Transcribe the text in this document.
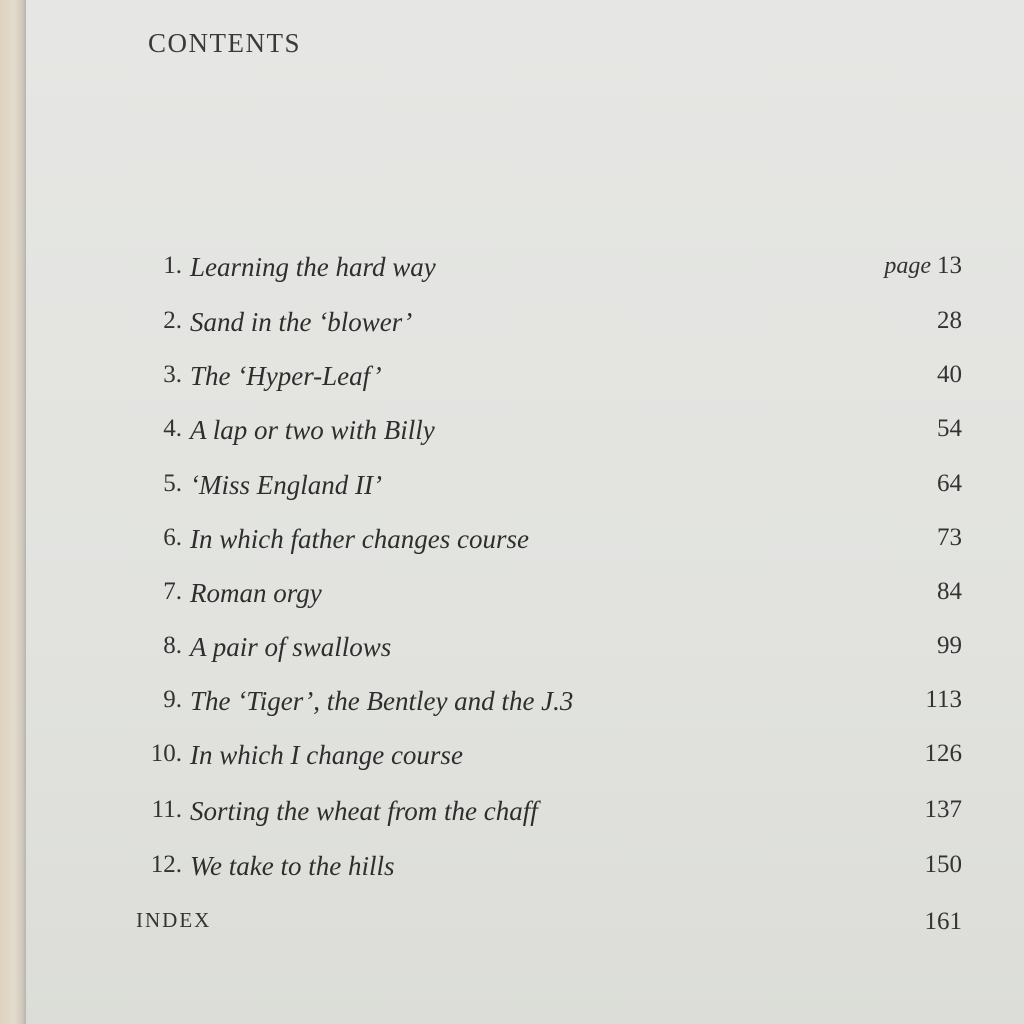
CONTENTS
1. Learning the hard way	page 13
2. Sand in the ‘blower’	28
3. The ‘Hyper-Leaf’	40
4. A lap or two with Billy	54
5. ‘Miss England II’	64
6. In which father changes course	73
7. Roman orgy	84
8. A pair of swallows	99
9. The ‘Tiger’, the Bentley and the J.3	113
10. In which I change course	126
11. Sorting the wheat from the chaff	137
12. We take to the hills	150
INDEX	161
